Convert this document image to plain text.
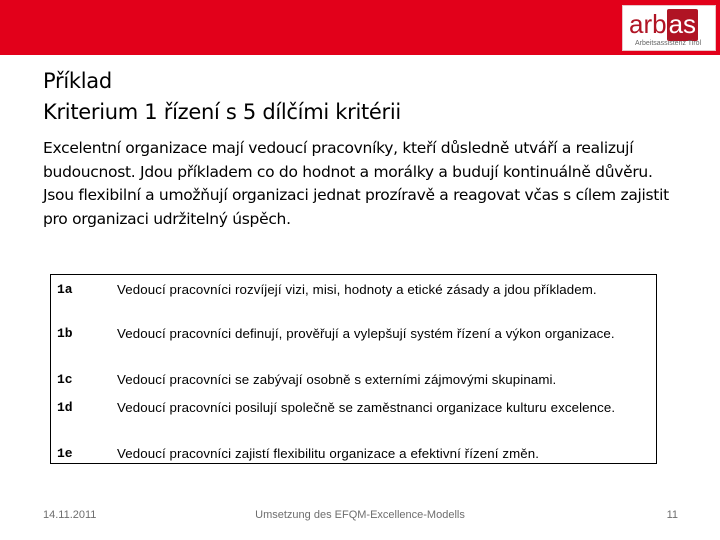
arbas
Arbeitsassistenz Tirol
Příklad
Kriterium 1 řízení s 5 dílčími kritérii

Excelentní organizace mají vedoucí pracovníky, kteří důsledně utváří a realizují budoucnost. Jdou příkladem co do hodnot a morálky a budují kontinuálně důvěru. Jsou flexibilní a umožňují organizaci jednat prozíravě a reagovat včas s cílem zajistit pro organizaci udržitelný úspěch.

1a	Vedoucí pracovníci rozvíjejí vizi, misi, hodnoty a etické zásady a jdou příkladem.
1b	Vedoucí pracovníci definují, prověřují a vylepšují systém řízení a výkon organizace.
1c	Vedoucí pracovníci se zabývají osobně s externími zájmovými skupinami.
1d	Vedoucí pracovníci posilují společně se zaměstnanci organizace kulturu excelence.
1e	Vedoucí pracovníci zajistí flexibilitu organizace a efektivní řízení změn.
14.11.2011	Umsetzung des EFQM-Excellence-Modells	11
